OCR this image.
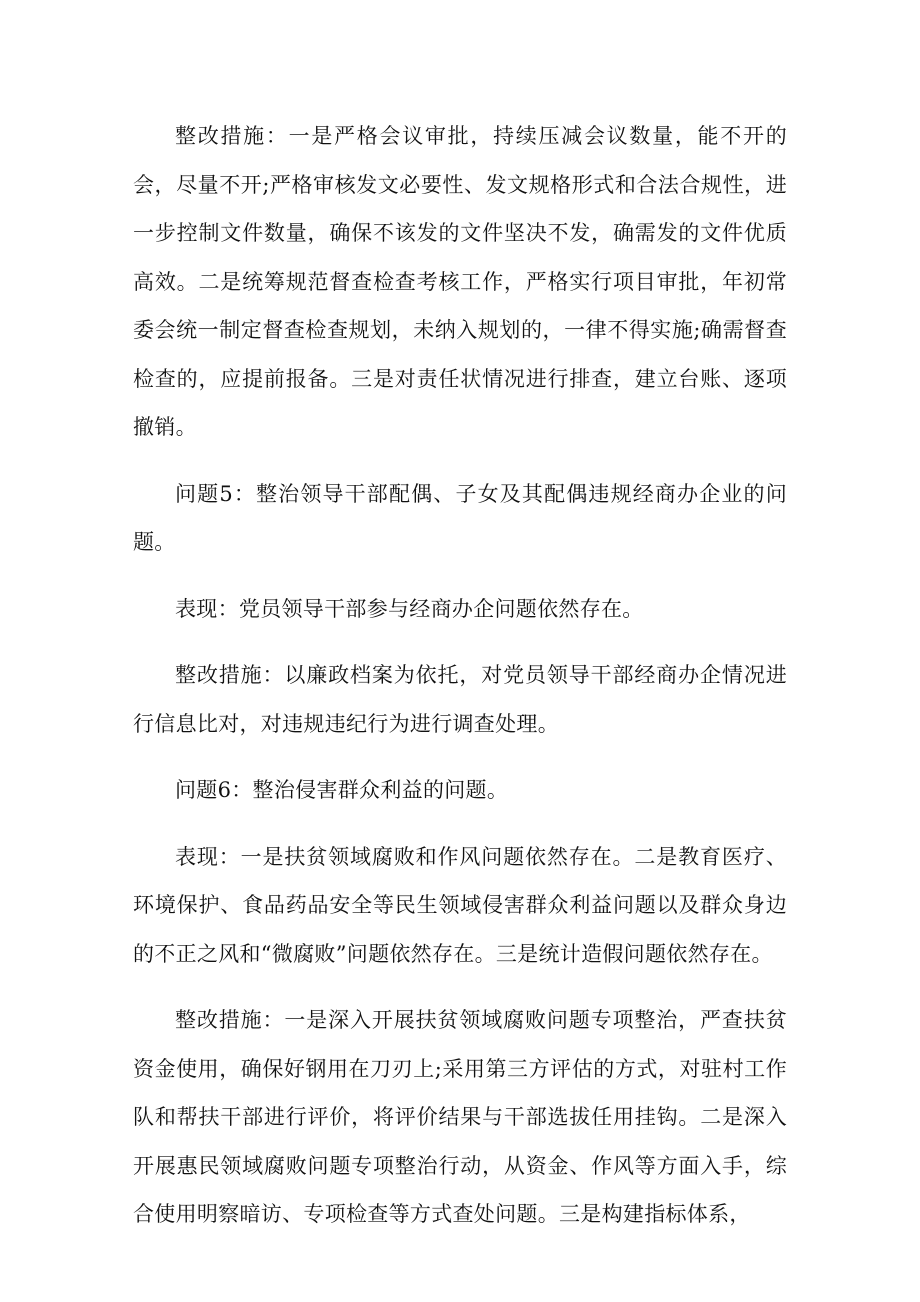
整改措施：一是严格会议审批，持续压减会议数量，能不开的会，尽量不开;严格审核发文必要性、发文规格形式和合法合规性，进一步控制文件数量，确保不该发的文件坚决不发，确需发的文件优质高效。二是统筹规范督查检查考核工作，严格实行项目审批，年初常委会统一制定督查检查规划，未纳入规划的，一律不得实施;确需督查检查的，应提前报备。三是对责任状情况进行排查，建立台账、逐项撤销。

问题5：整治领导干部配偶、子女及其配偶违规经商办企业的问题。

表现：党员领导干部参与经商办企问题依然存在。

整改措施：以廉政档案为依托，对党员领导干部经商办企情况进行信息比对，对违规违纪行为进行调查处理。

问题6：整治侵害群众利益的问题。

表现：一是扶贫领域腐败和作风问题依然存在。二是教育医疗、环境保护、食品药品安全等民生领域侵害群众利益问题以及群众身边的不正之风和“微腐败”问题依然存在。三是统计造假问题依然存在。

整改措施：一是深入开展扶贫领域腐败问题专项整治，严查扶贫资金使用，确保好钢用在刀刃上;采用第三方评估的方式，对驻村工作队和帮扶干部进行评价，将评价结果与干部选拔任用挂钩。二是深入开展惠民领域腐败问题专项整治行动，从资金、作风等方面入手，综合使用明察暗访、专项检查等方式查处问题。三是构建指标体系，
